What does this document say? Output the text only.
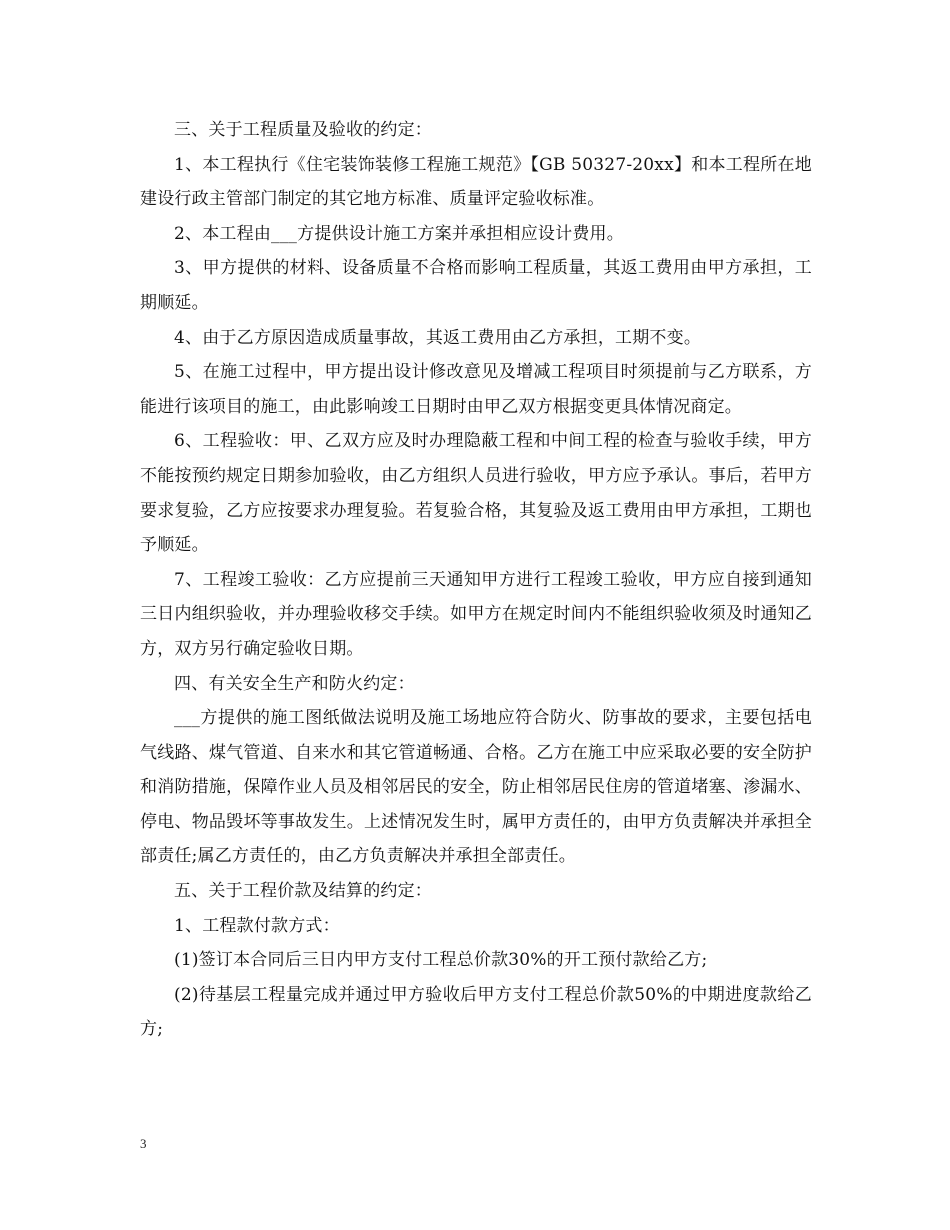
三、关于工程质量及验收的约定：

1、本工程执行《住宅装饰装修工程施工规范》【GB 50327-20xx】和本工程所在地建设行政主管部门制定的其它地方标准、质量评定验收标准。

2、本工程由___方提供设计施工方案并承担相应设计费用。

3、甲方提供的材料、设备质量不合格而影响工程质量，其返工费用由甲方承担，工期顺延。

4、由于乙方原因造成质量事故，其返工费用由乙方承担，工期不变。

5、在施工过程中，甲方提出设计修改意见及增减工程项目时须提前与乙方联系，方能进行该项目的施工，由此影响竣工日期时由甲乙双方根据变更具体情况商定。

6、工程验收：甲、乙双方应及时办理隐蔽工程和中间工程的检查与验收手续，甲方不能按预约规定日期参加验收，由乙方组织人员进行验收，甲方应予承认。事后，若甲方要求复验，乙方应按要求办理复验。若复验合格，其复验及返工费用由甲方承担，工期也予顺延。

7、工程竣工验收：乙方应提前三天通知甲方进行工程竣工验收，甲方应自接到通知三日内组织验收，并办理验收移交手续。如甲方在规定时间内不能组织验收须及时通知乙方，双方另行确定验收日期。

四、有关安全生产和防火约定：

___方提供的施工图纸做法说明及施工场地应符合防火、防事故的要求，主要包括电气线路、煤气管道、自来水和其它管道畅通、合格。乙方在施工中应采取必要的安全防护和消防措施，保障作业人员及相邻居民的安全，防止相邻居民住房的管道堵塞、渗漏水、停电、物品毁坏等事故发生。上述情况发生时，属甲方责任的，由甲方负责解决并承担全部责任;属乙方责任的，由乙方负责解决并承担全部责任。

五、关于工程价款及结算的约定：

1、工程款付款方式：

(1)签订本合同后三日内甲方支付工程总价款30%的开工预付款给乙方;

(2)待基层工程量完成并通过甲方验收后甲方支付工程总价款50%的中期进度款给乙方;

3
